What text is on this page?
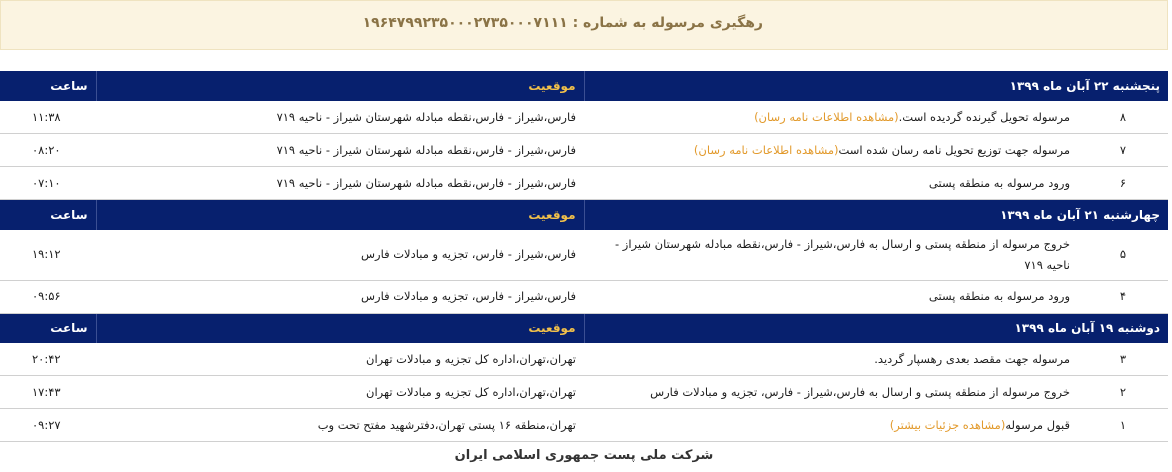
رهگیری مرسوله به شماره : ۱۹۶۴۷۹۹۲۳۵۰۰۰۲۷۳۵۰۰۰۷۱۱۱
پنجشنبه ۲۲ آبان ماه ۱۳۹۹		موقعیت	ساعت
۸	مرسوله تحویل گیرنده گردیده است.(مشاهده اطلاعات نامه رسان)	فارس،شیراز - فارس،نقطه مبادله شهرستان شیراز - ناحیه ۷۱۹	۱۱:۳۸
۷	مرسوله جهت توزیع تحویل نامه رسان شده است(مشاهده اطلاعات نامه رسان)	فارس،شیراز - فارس،نقطه مبادله شهرستان شیراز - ناحیه ۷۱۹	۰۸:۲۰
۶	ورود مرسوله به منطقه پستی	فارس،شیراز - فارس،نقطه مبادله شهرستان شیراز - ناحیه ۷۱۹	۰۷:۱۰
چهارشنبه ۲۱ آبان ماه ۱۳۹۹		موقعیت	ساعت
۵	خروج مرسوله از منطقه پستی و ارسال به فارس،شیراز - فارس،نقطه مبادله شهرستان شیراز - ناحیه ۷۱۹	فارس،شیراز - فارس، تجزیه و مبادلات فارس	۱۹:۱۲
۴	ورود مرسوله به منطقه پستی	فارس،شیراز - فارس، تجزیه و مبادلات فارس	۰۹:۵۶
دوشنبه ۱۹ آبان ماه ۱۳۹۹		موقعیت	ساعت
۳	مرسوله جهت مقصد بعدی رهسپار گردید.	تهران،تهران،اداره کل تجزیه و مبادلات تهران	۲۰:۴۲
۲	خروج مرسوله از منطقه پستی و ارسال به فارس،شیراز - فارس، تجزیه و مبادلات فارس	تهران،تهران،اداره کل تجزیه و مبادلات تهران	۱۷:۴۳
۱	قبول مرسوله(مشاهده جزئیات بیشتر)	تهران،منطقه ۱۶ پستی تهران،دفترشهید مفتح تحت وب	۰۹:۲۷
شرکت ملی پست جمهوری اسلامی ایران
